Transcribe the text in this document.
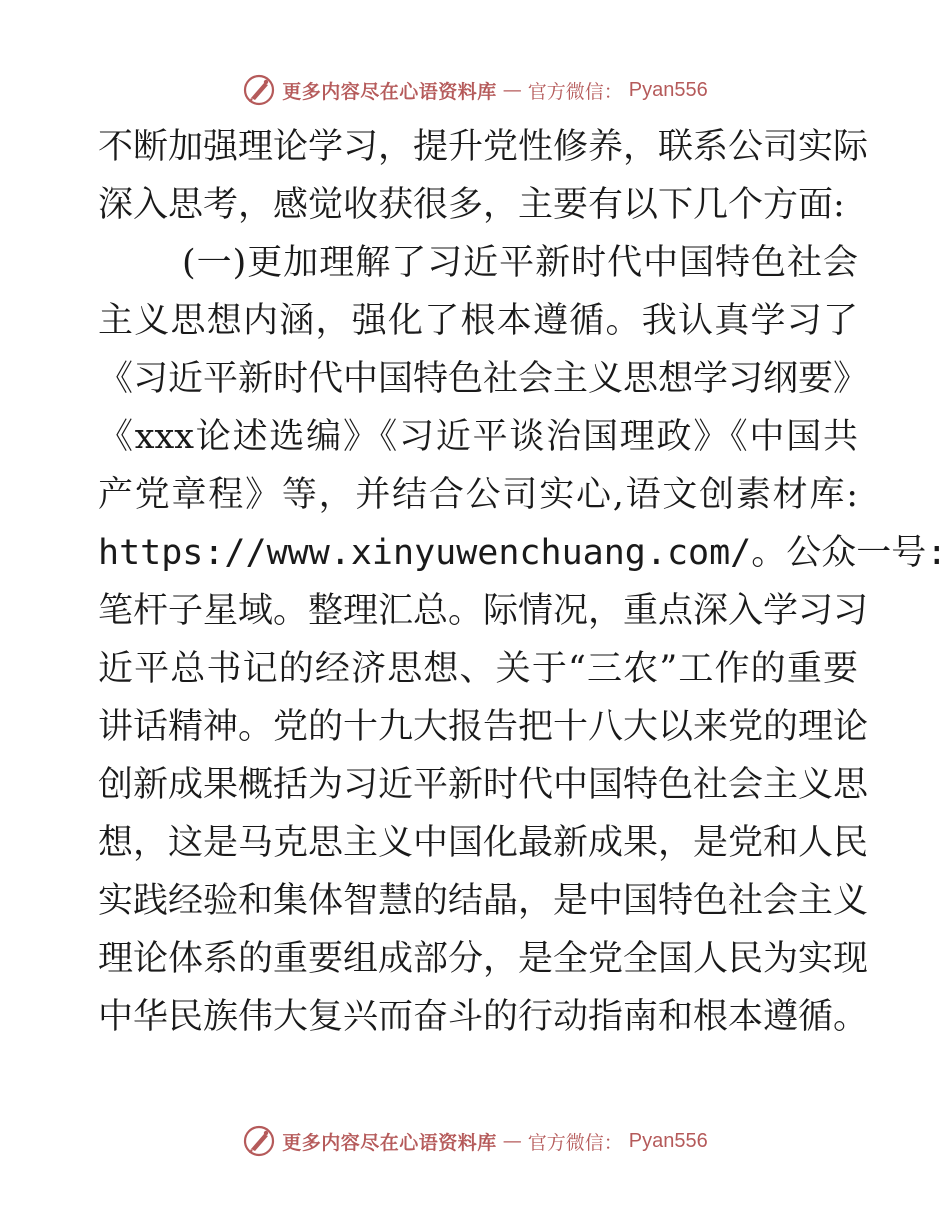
更多内容尽在心语资料库 — 官方微信： Pyan556
不断加强理论学习，提升党性修养，联系公司实际
深入思考，感觉收获很多，主要有以下几个方面:
(一)更加理解了习近平新时代中国特色社会
主义思想内涵，强化了根本遵循。我认真学习了
《习近平新时代中国特色社会主义思想学习纲要》
《xxx论述选编》《习近平谈治国理政》《中国共
产党章程》等，并结合公司实心,语文创素材库:
https://www.xinyuwenchuang.com/。公众一号:
笔杆子星域。整理汇总。际情况，重点深入学习习
近平总书记的经济思想、关于“三农”工作的重要
讲话精神。党的十九大报告把十八大以来党的理论
创新成果概括为习近平新时代中国特色社会主义思
想，这是马克思主义中国化最新成果，是党和人民
实践经验和集体智慧的结晶，是中国特色社会主义
理论体系的重要组成部分，是全党全国人民为实现
中华民族伟大复兴而奋斗的行动指南和根本遵循。
更多内容尽在心语资料库 — 官方微信： Pyan556
